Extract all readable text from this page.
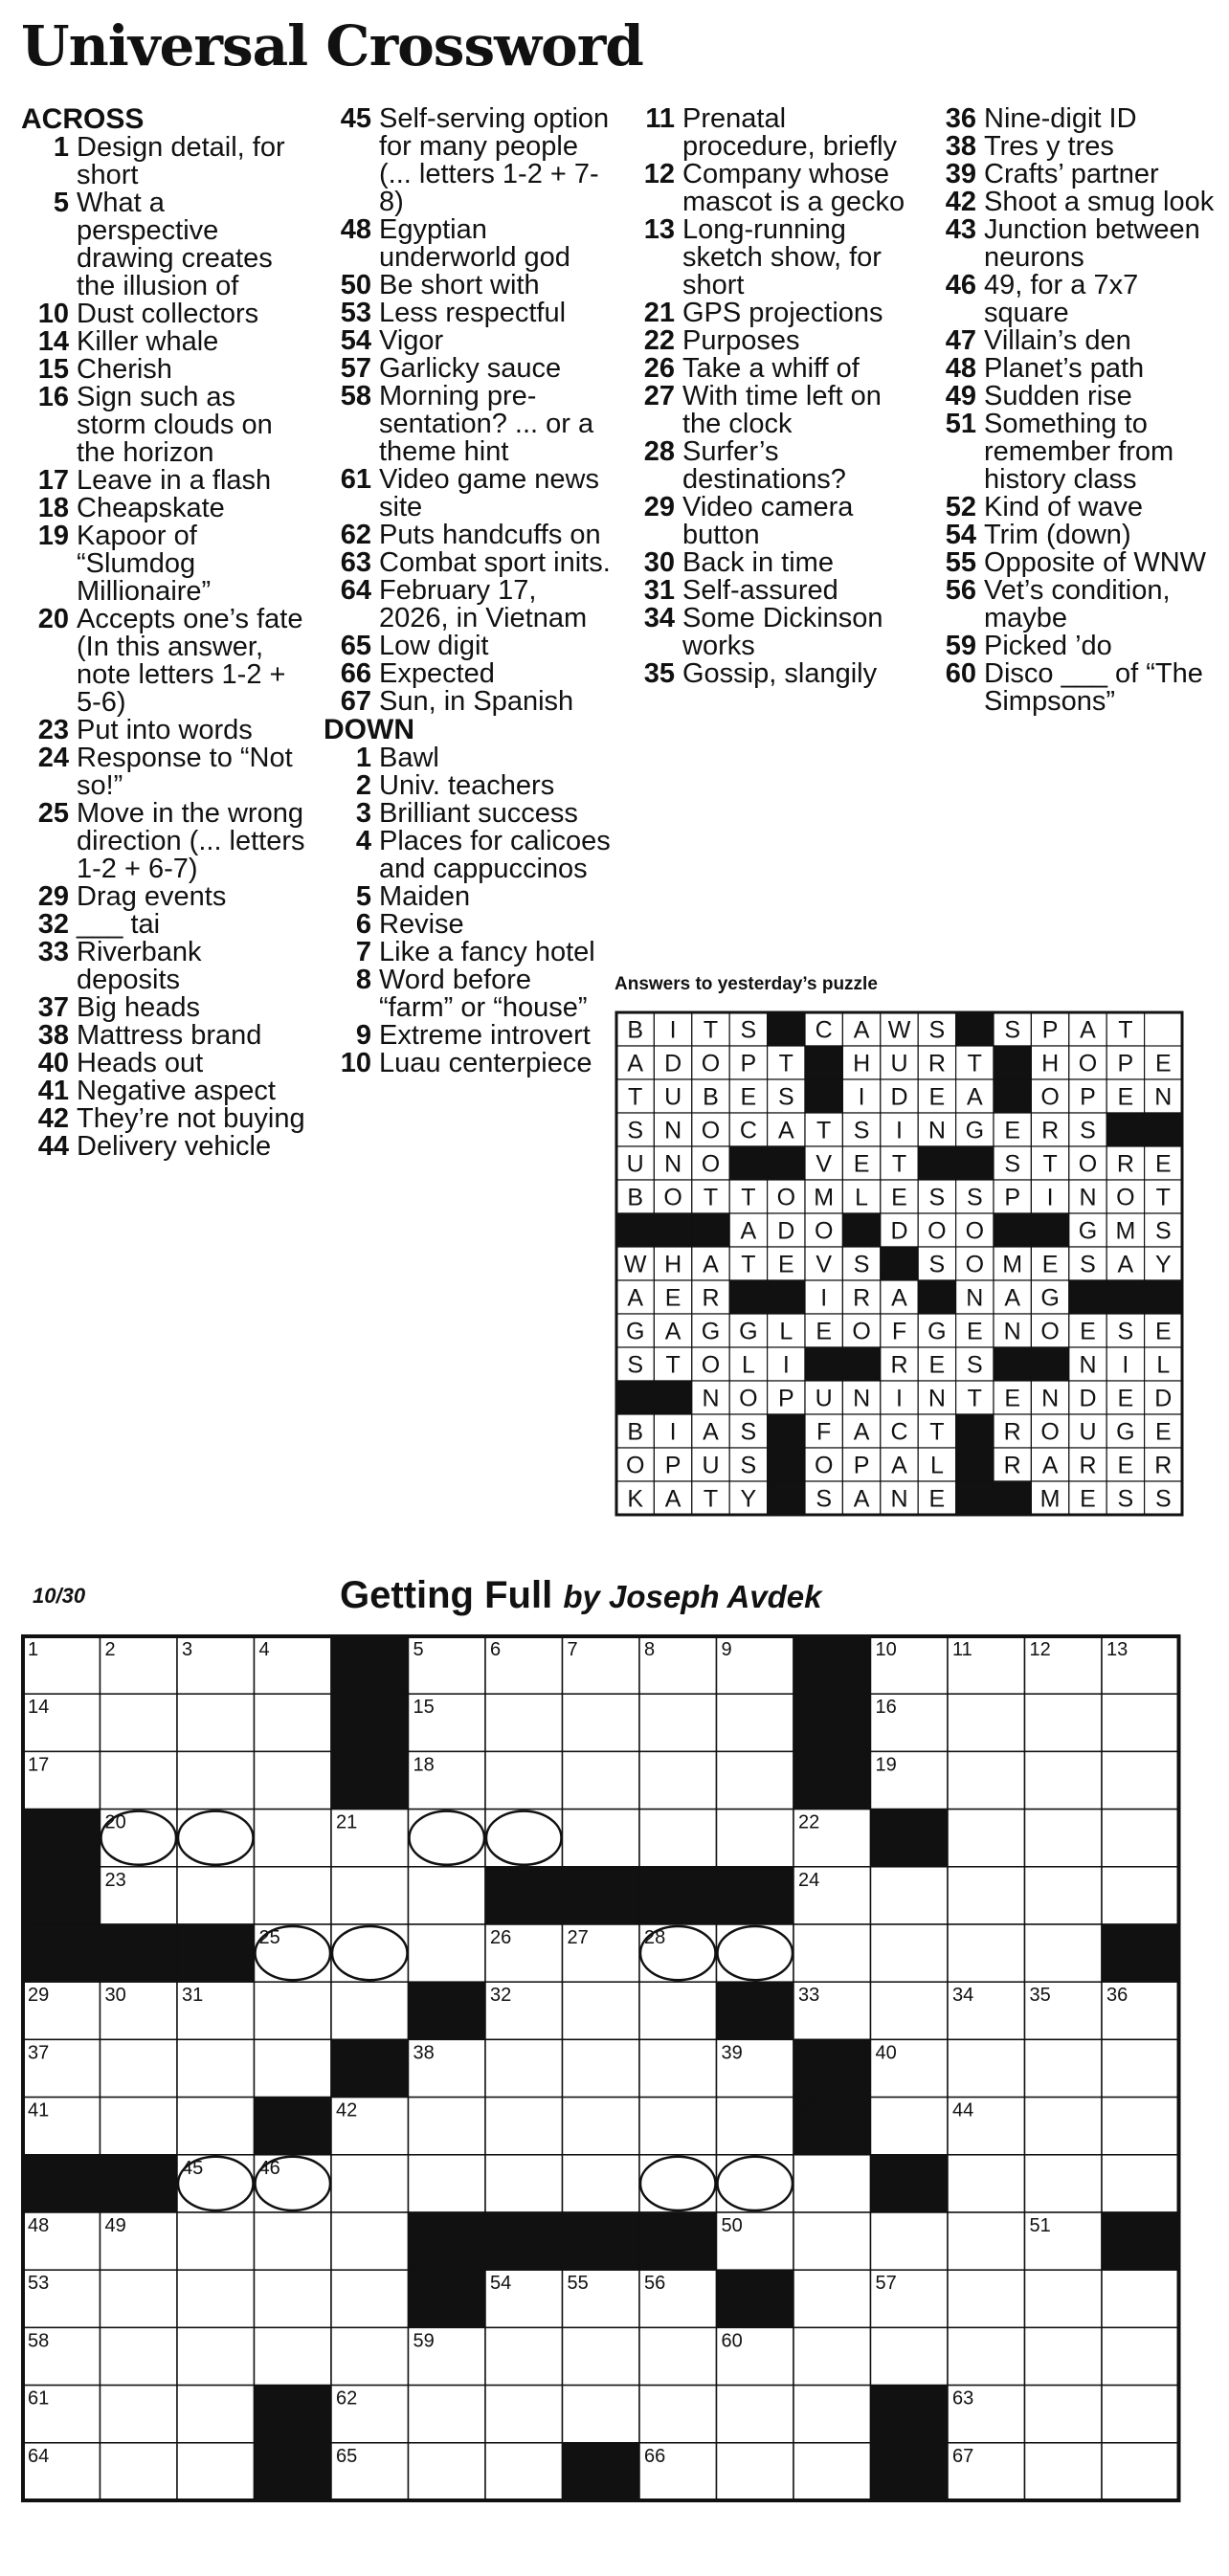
Universal Crossword
ACROSS
1 Design detail, for short
5 What a perspective drawing creates the illusion of
10 Dust collectors
14 Killer whale
15 Cherish
16 Sign such as storm clouds on the horizon
17 Leave in a flash
18 Cheapskate
19 Kapoor of “Slumdog Millionaire”
20 Accepts one’s fate (In this answer, note letters 1-2 + 5-6)
23 Put into words
24 Response to “Not so!”
25 Move in the wrong direction (... letters 1-2 + 6-7)
29 Drag events
32 ___ tai
33 Riverbank deposits
37 Big heads
38 Mattress brand
40 Heads out
41 Negative aspect
42 They’re not buying
44 Delivery vehicle
45 Self-serving option for many people (... letters 1-2 + 7-8)
48 Egyptian underworld god
50 Be short with
53 Less respectful
54 Vigor
57 Garlicky sauce
58 Morning pre-sentation? ... or a theme hint
61 Video game news site
62 Puts handcuffs on
63 Combat sport inits.
64 February 17, 2026, in Vietnam
65 Low digit
66 Expected
67 Sun, in Spanish
DOWN
1 Bawl
2 Univ. teachers
3 Brilliant success
4 Places for calicoes and cappuccinos
5 Maiden
6 Revise
7 Like a fancy hotel
8 Word before “farm” or “house”
9 Extreme introvert
10 Luau centerpiece
11 Prenatal procedure, briefly
12 Company whose mascot is a gecko
13 Long-running sketch show, for short
21 GPS projections
22 Purposes
26 Take a whiff of
27 With time left on the clock
28 Surfer’s destinations?
29 Video camera button
30 Back in time
31 Self-assured
34 Some Dickinson works
35 Gossip, slangily
36 Nine-digit ID
38 Tres y tres
39 Crafts’ partner
42 Shoot a smug look
43 Junction between neurons
46 49, for a 7x7 square
47 Villain’s den
48 Planet’s path
49 Sudden rise
51 Something to remember from history class
52 Kind of wave
54 Trim (down)
55 Opposite of WNW
56 Vet’s condition, maybe
59 Picked ’do
60 Disco ___ of “The Simpsons”
Answers to yesterday’s puzzle
B I T S C A W S S P A T
A D O P T H U R T H O P E
T U B E S	I D E A O P E N
S N O C A T S I N G E R S
U N O	V E T	S T O R E
B O T T O M L E S S P I N O T
A D O D O O	G M S
W H A T E V S S O M E S A Y
A E R	I R A N A G
G A G G L E O F G E N O E S E
S T O L I	R E S	N I L
N O P U N I N T E N D E D
B I A S	F A C T R O U G E
O P U S O P A L	R A R E R
K A T Y S A N E	M E S S
10/30	Getting Full by Joseph Avdek
1	2	3	4	5	6	7	8	9	10	11	12	13
14	15	16
17	18	19
20	21	22
23	24
25	26	27	28
29	30	31	32	33	34	35	36
37	38	39	40
41	42	43	44
45	46	47
48	49	50	51	52
53	54	55	56	57
58	59	60
61	62	63
64	65	66	67
